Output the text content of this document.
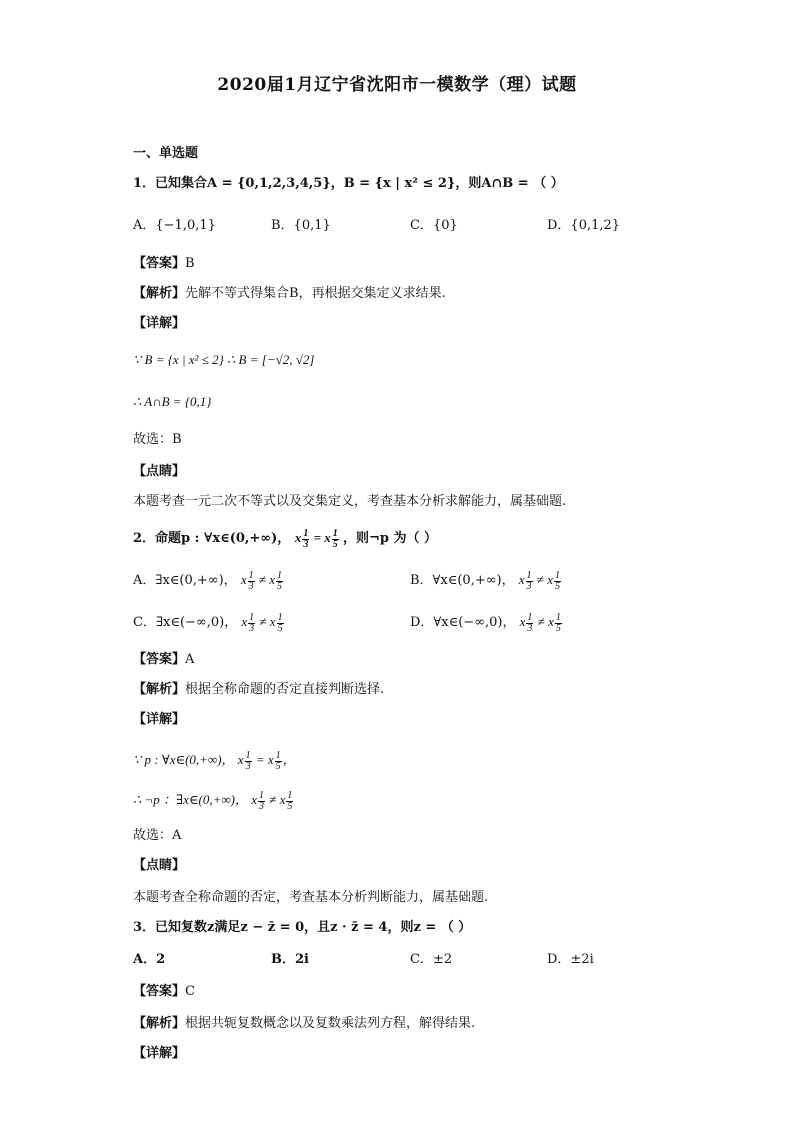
2020届1月辽宁省沈阳市一模数学（理）试题
一、单选题
1．已知集合A = {0,1,2,3,4,5}，B = {x | x² ≤ 2}，则A∩B = （ ）
A．{−1,0,1}	B．{0,1}	C．{0}	D．{0,1,2}
【答案】B
【解析】先解不等式得集合B，再根据交集定义求结果.
【详解】
∵ B = {x | x² ≤ 2} ∴ B = [−√2, √2]
∴ A∩B = {0,1}
故选：B
【点睛】
本题考查一元二次不等式以及交集定义，考查基本分析求解能力，属基础题.
2．命题p : ∀x∈(0,+∞)， x $\frac{1}{3} = x \frac{1}{5}$ ，则¬p 为（ ）
A．∃x∈(0,+∞)， x $\frac{1}{3} \ne x \frac{1}{5}$	B．∀x∈(0,+∞)， x $\frac{1}{3} \ne x \frac{1}{5}$
C．∃x∈(−∞,0)， x $\frac{1}{3} \ne x \frac{1}{5}$	D．∀x∈(−∞,0)， x $\frac{1}{3} \ne x \frac{1}{5}$
【答案】A
【解析】根据全称命题的否定直接判断选择.
【详解】
∵ p : ∀x∈(0,+∞)， x $\frac{1}{3} = x \frac{1}{5}$ ，
∴ ¬p ：∃x∈(0,+∞)， x $\frac{1}{3} \ne x \frac{1}{5}$
故选：A
【点睛】
本题考查全称命题的否定，考查基本分析判断能力，属基础题.
3．已知复数z满足z − z̄ = 0，且z · z̄ = 4，则z = （ ）
A．2	B．2i	C．±2	D．±2i
【答案】C
【解析】根据共轭复数概念以及复数乘法列方程，解得结果.
【详解】
